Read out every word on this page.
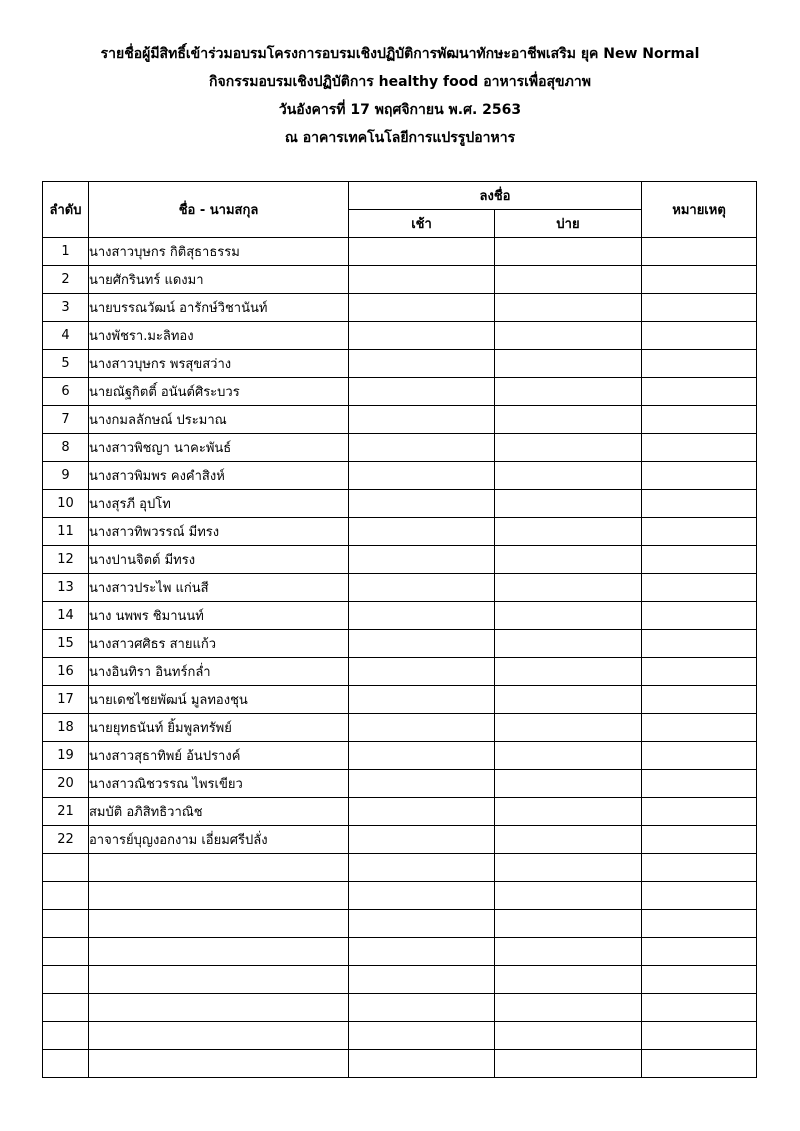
รายชื่อผู้มีสิทธิ์เข้าร่วมอบรมโครงการอบรมเชิงปฏิบัติการพัฒนาทักษะอาชีพเสริม ยุค New Normal
กิจกรรมอบรมเชิงปฏิบัติการ healthy food อาหารเพื่อสุขภาพ
วันอังคารที่ 17 พฤศจิกายน พ.ศ. 2563
ณ อาคารเทคโนโลยีการแปรรูปอาหาร
ลำดับ	ชื่อ - นามสกุล	ลงชื่อ		หมายเหตุ
		เช้า	บ่าย	
1	นางสาวบุษกร กิติสุธาธรรม			
2	นายศักรินทร์ แดงมา			
3	นายบรรณวัฒน์ อารักษ์วิชานันท์			
4	นางพัชรา.มะลิทอง			
5	นางสาวบุษกร พรสุขสว่าง			
6	นายณัฐกิตติ์ อนันต์ศิระบวร			
7	นางกมลลักษณ์ ประมาณ			
8	นางสาวพิชญา นาคะพันธ์			
9	นางสาวพิมพร คงคำสิงห์			
10	นางสุรภี อุปโท			
11	นางสาวทิพวรรณ์ มีทรง			
12	นางปานจิตต์ มีทรง			
13	นางสาวประไพ แก่นสี			
14	นาง นพพร ชิมานนท์			
15	นางสาวศศิธร สายแก้ว			
16	นางอินทิรา อินทร์กล่ำ			
17	นายเดชไชยพัฒน์ มูลทองชุน			
18	นายยุทธนันท์ ยิ้มพูลทรัพย์			
19	นางสาวสุธาทิพย์ อ้นปรางค์			
20	นางสาวณิชวรรณ ไพรเขียว			
21	สมบัติ อภิสิทธิวาณิช			
22	อาจารย์บุญงอกงาม เอี่ยมศรีปลั่ง			
